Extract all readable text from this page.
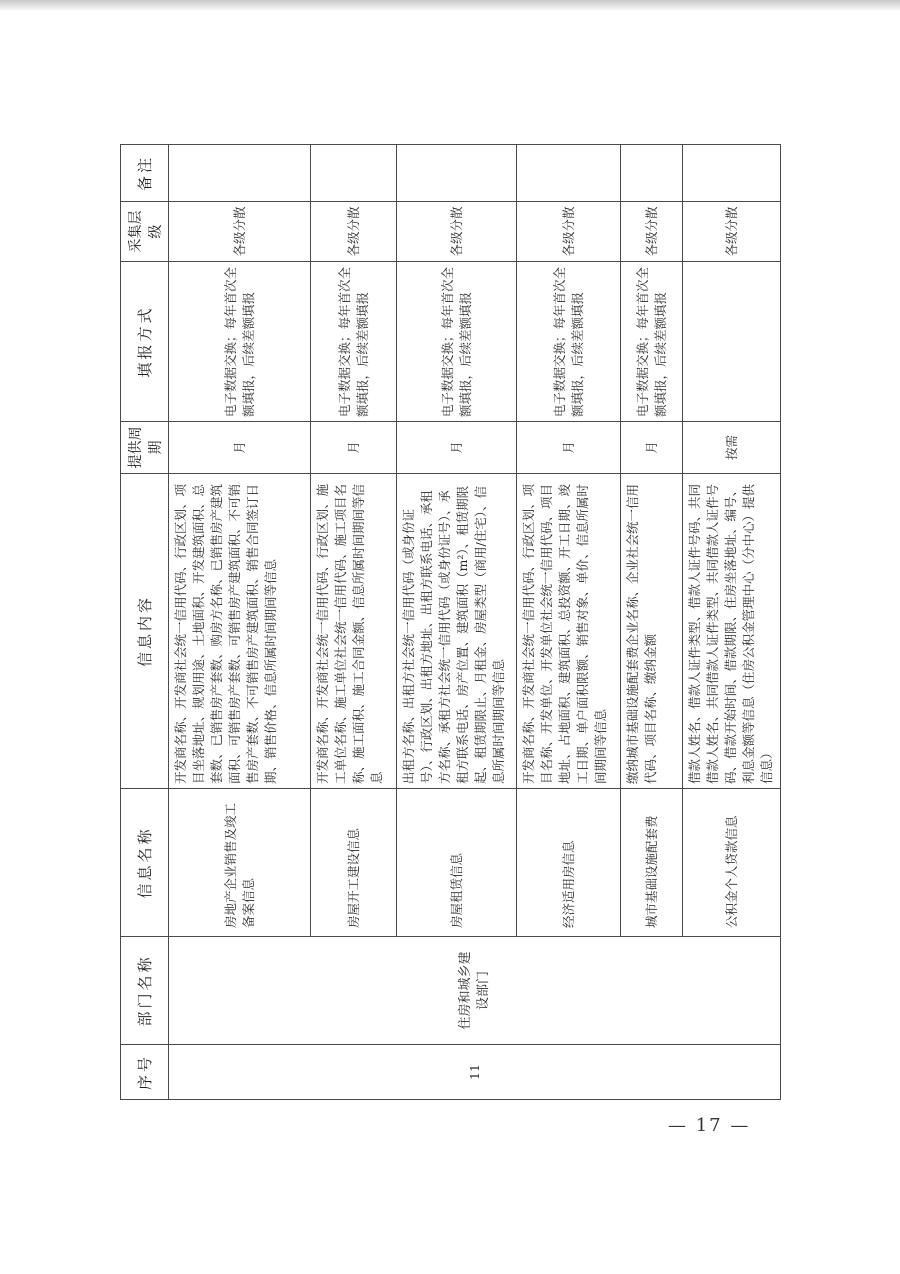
序号	部门名称	信息名称	信息内容	提供周期	填报方式	采集层级	备注
11	住房和城乡建设部门	房地产企业销售及竣工备案信息	开发商名称、开发商社会统一信用代码、行政区划、项目坐落地址、规划用途、土地面积、开发建筑面积、总套数、已销售房产套数、购房方名称、已销售房产建筑面积、可销售房产套数、可销售房产建筑面积、不可销售房产套数、不可销售房产建筑面积、销售合同签订日期、销售价格、信息所属时间期间等信息	月	电子数据交换；每年首次全额填报，后续差额填报	各级分散	
		房屋开工建设信息	开发商名称、开发商社会统一信用代码、行政区划、施工单位名称、施工单位社会统一信用代码、施工项目名称、施工面积、施工合同金额、信息所属时间期间等信息	月	电子数据交换；每年首次全额填报，后续差额填报	各级分散	
		房屋租赁信息	出租方名称、出租方社会统一信用代码（或身份证号）、行政区划、出租方地址、出租方联系电话、承租方名称、承租方社会统一信用代码（或身份证号）、承租方联系电话、房产位置、建筑面积（m²）、租赁期限起、租赁期限止、月租金、房屋类型（商用/住宅）、信息所属时间期间等信息	月	电子数据交换；每年首次全额填报，后续差额填报	各级分散	
		经济适用房信息	开发商名称、开发商社会统一信用代码、行政区划、项目名称、开发单位、开发单位社会统一信用代码、项目地址、占地面积、建筑面积、总投资额、开工日期、竣工日期、单户面积限额、销售对象、单价、信息所属时间期间等信息	月	电子数据交换；每年首次全额填报，后续差额填报	各级分散	
		城市基础设施配套费	缴纳城市基础设施配套费企业名称、企业社会统一信用代码、项目名称、缴纳金额	月	电子数据交换；每年首次全额填报，后续差额填报	各级分散	
		公积金个人贷款信息	借款人姓名、借款人证件类型、借款人证件号码、共同借款人姓名、共同借款人证件类型、共同借款人证件号码、借款开始时间、借款期限、住房坐落地址、编号、利息金额等信息（住房公积金管理中心（分中心）提供信息）	按需		各级分散	
— 17 —
